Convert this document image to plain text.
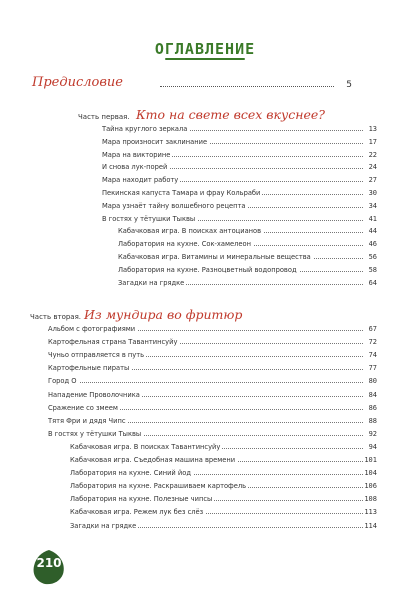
ОГЛАВЛЕНИЕ
Предисловие	5
Часть первая. Кто на свете всех вкуснее?
Тайна круглого зеркала	13
Мара произносит заклинание	17
Мара на викторине	22
И снова лук-порей	24
Мара находит работу	27
Пекинская капуста Тамара и фрау Кольраби	30
Мара узнаёт тайну волшебного рецепта	34
В гостях у тётушки Тыквы	41
Кабачковая игра. В поисках антоцианов	44
Лаборатория на кухне. Сок-хамелеон	46
Кабачковая игра. Витамины и минеральные вещества	56
Лаборатория на кухне. Разноцветный водопровод	58
Загадки на грядке	64
Часть вторая. Из мундира во фритюр
Альбом с фотографиями	67
Картофельная страна Тавантинсуйу	72
Чуньо отправляется в путь	74
Картофельные пираты	77
Город О	80
Нападение Проволочника	84
Сражение со змеем	86
Тятя Фри и дядя Чипс	88
В гостях у тётушки Тыквы	92
Кабачковая игра. В поисках Тавантинсуйу	94
Кабачковая игра. Съедобная машина времени	101
Лаборатория на кухне. Синий йод	104
Лаборатория на кухне. Раскрашиваем картофель	106
Лаборатория на кухне. Полезные чипсы	108
Кабачковая игра. Режем лук без слёз	113
Загадки на грядке	114
210
